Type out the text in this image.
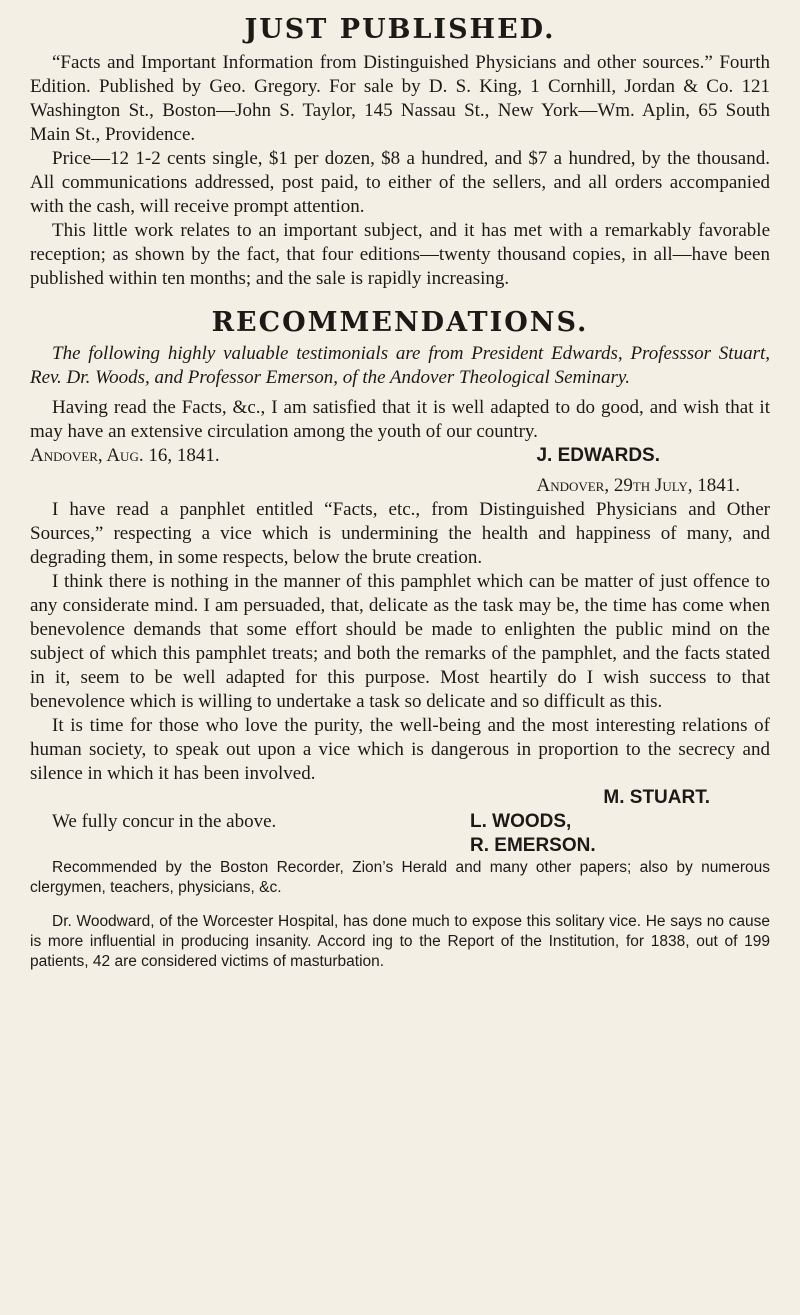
JUST PUBLISHED.

“Facts and Important Information from Distinguished Physicians and other sources.” Fourth Edition. Published by Geo. Gregory. For sale by D. S. King, 1 Cornhill, Jordan & Co. 121 Washington St., Boston—John S. Taylor, 145 Nassau St., New York—Wm. Aplin, 65 South Main St., Providence.

Price—12 1-2 cents single, $1 per dozen, $8 a hundred, and $7 a hundred, by the thousand. All communications addressed, post paid, to either of the sellers, and all orders accompanied with the cash, will receive prompt attention.

This little work relates to an important subject, and it has met with a remarkably favorable reception; as shown by the fact, that four editions—twenty thousand copies, in all—have been published within ten months; and the sale is rapidly increasing.

RECOMMENDATIONS.

The following highly valuable testimonials are from President Edwards, Professsor Stuart, Rev. Dr. Woods, and Professor Emerson, of the Andover Theological Seminary.

Having read the Facts, &c., I am satisfied that it is well adapted to do good, and wish that it may have an extensive circulation among the youth of our country.

Andover, Aug. 16, 1841.	J. EDWARDS.
Andover, 29th July, 1841.

I have read a panphlet entitled “Facts, etc., from Distinguished Physicians and Other Sources,” respecting a vice which is undermining the health and happiness of many, and degrading them, in some respects, below the brute creation.

I think there is nothing in the manner of this pamphlet which can be matter of just offence to any considerate mind. I am persuaded, that, delicate as the task may be, the time has come when benevolence demands that some effort should be made to enlighten the public mind on the subject of which this pamphlet treats; and both the remarks of the pamphlet, and the facts stated in it, seem to be well adapted for this purpose. Most heartily do I wish success to that benevolence which is willing to undertake a task so delicate and so difficult as this.

It is time for those who love the purity, the well-being and the most interesting relations of human society, to speak out upon a vice which is dangerous in proportion to the secrecy and silence in which it has been involved.

M. STUART.
We fully concur in the above.	L. WOODS,
R. EMERSON.

Recommended by the Boston Recorder, Zion’s Herald and many other papers; also by numerous clergymen, teachers, physicians, &c.

Dr. Woodward, of the Worcester Hospital, has done much to expose this solitary vice. He says no cause is more influential in producing insanity. Accord ing to the Report of the Institution, for 1838, out of 199 patients, 42 are considered victims of masturbation.
